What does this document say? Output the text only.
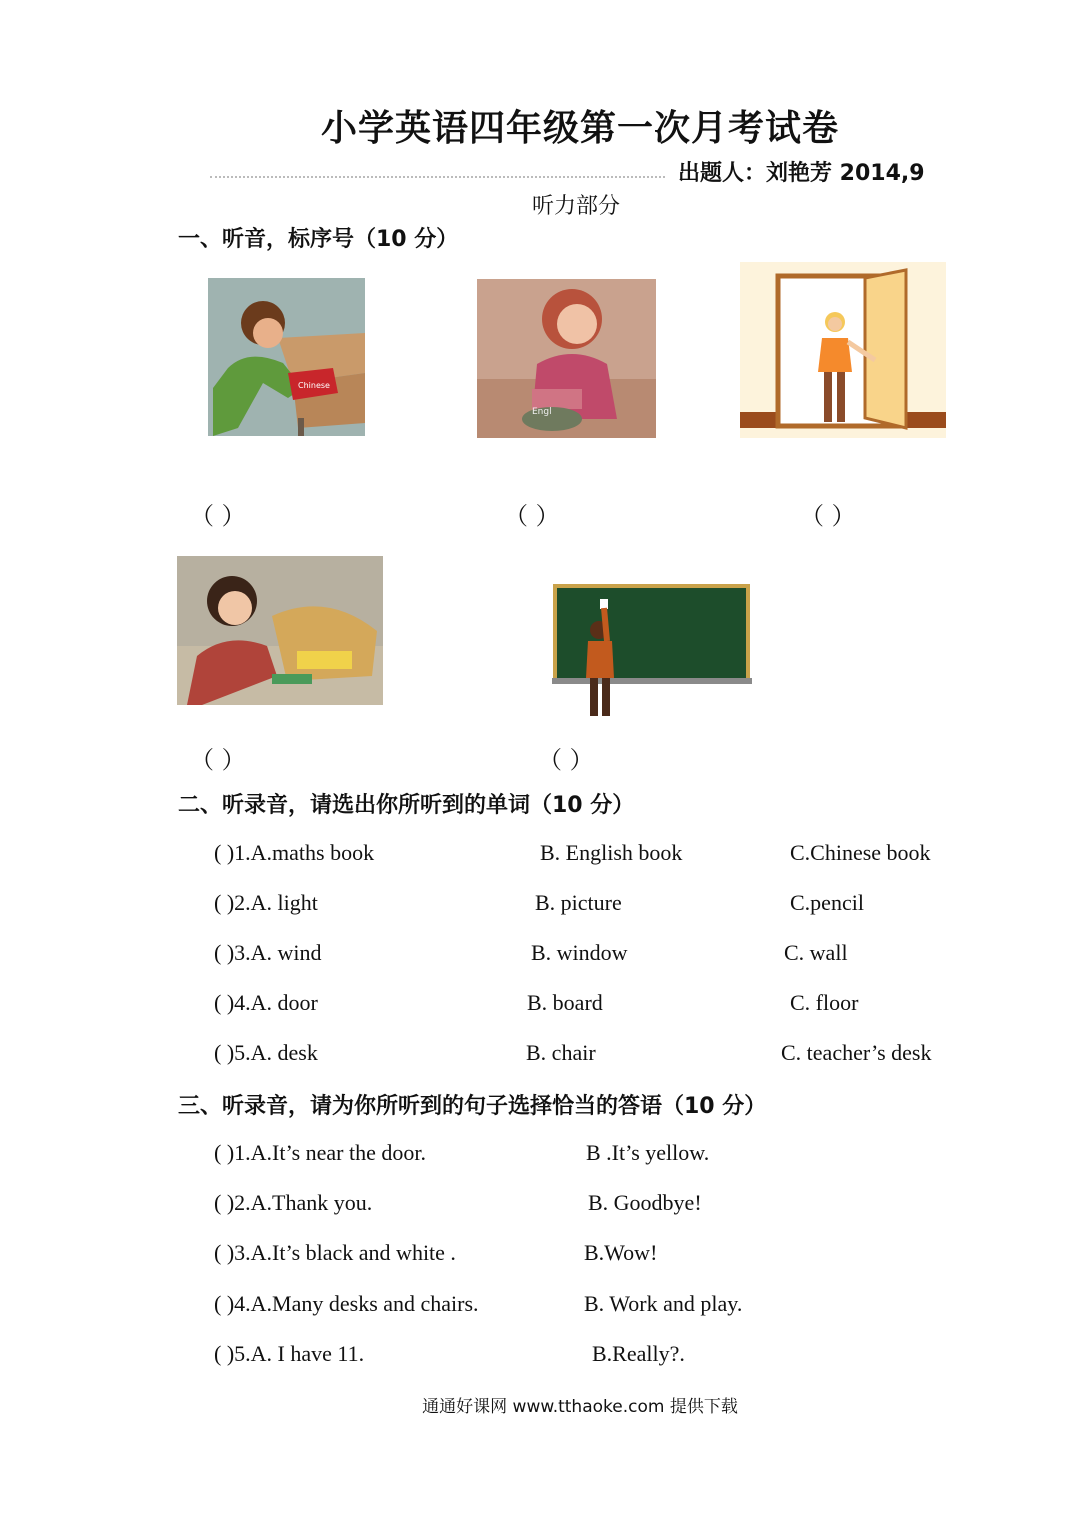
小学英语四年级第一次月考试卷
出题人：刘艳芳 2014,9
听力部分
一、听音，标序号（10 分）
Chinese
Engl
（ ）	（ ）	（ ）
（ ）	（ ）
二、听录音，请选出你所听到的单词（10 分）
( )1.A.maths book	B. English book	C.Chinese book
( )2.A. light	B. picture	C.pencil
( )3.A. wind	B. window	C. wall
( )4.A. door	B. board	C. floor
( )5.A. desk	B. chair	C. teacher’s desk
三、听录音，请为你所听到的句子选择恰当的答语（10 分）
( )1.A.It’s near the door.	B .It’s yellow.
( )2.A.Thank you.	B. Goodbye!
( )3.A.It’s black and white .	B.Wow!
( )4.A.Many desks and chairs.	B. Work and play.
( )5.A. I have 11.	B.Really?.
通通好课网 www.tthaoke.com 提供下载
